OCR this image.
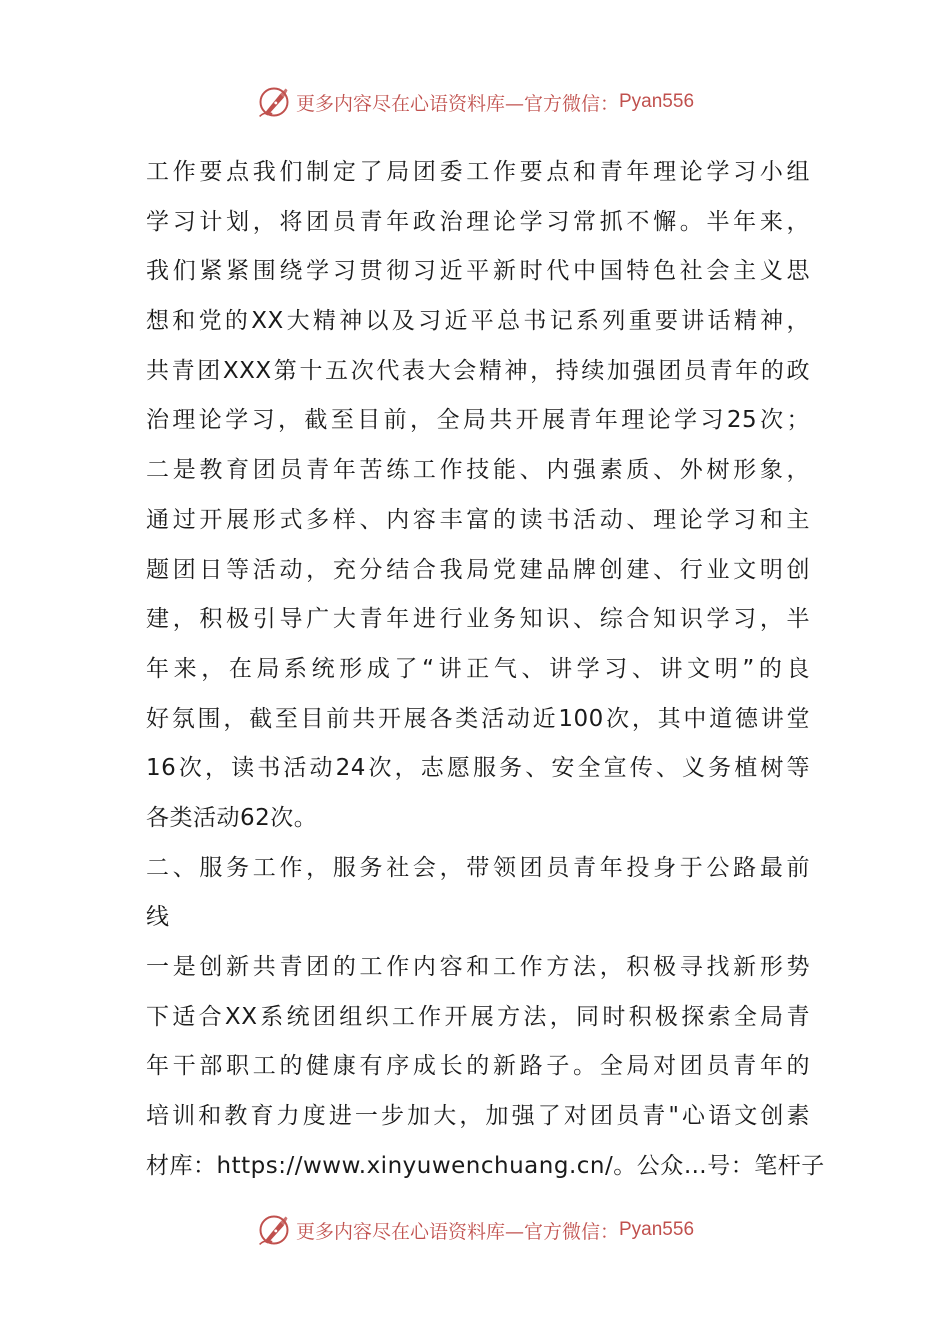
更多内容尽在心语资料库—官方微信： Pyan556
工作要点我们制定了局团委工作要点和青年理论学习小组
学习计划，将团员青年政治理论学习常抓不懈。半年来，
我们紧紧围绕学习贯彻习近平新时代中国特色社会主义思
想和党的XX大精神以及习近平总书记系列重要讲话精神，
共青团XXX第十五次代表大会精神，持续加强团员青年的政
治理论学习，截至目前，全局共开展青年理论学习25次；
二是教育团员青年苦练工作技能、内强素质、外树形象，
通过开展形式多样、内容丰富的读书活动、理论学习和主
题团日等活动，充分结合我局党建品牌创建、行业文明创
建，积极引导广大青年进行业务知识、综合知识学习，半
年来，在局系统形成了“讲正气、讲学习、讲文明”的良
好氛围，截至目前共开展各类活动近100次，其中道德讲堂
16次，读书活动24次，志愿服务、安全宣传、义务植树等
各类活动62次。
二、服务工作，服务社会，带领团员青年投身于公路最前
线
一是创新共青团的工作内容和工作方法，积极寻找新形势
下适合XX系统团组织工作开展方法，同时积极探索全局青
年干部职工的健康有序成长的新路子。全局对团员青年的
培训和教育力度进一步加大，加强了对团员青"心语文创素
材库：https://www.xinyuwenchuang.cn/。公众…号：笔杆子
更多内容尽在心语资料库—官方微信： Pyan556
